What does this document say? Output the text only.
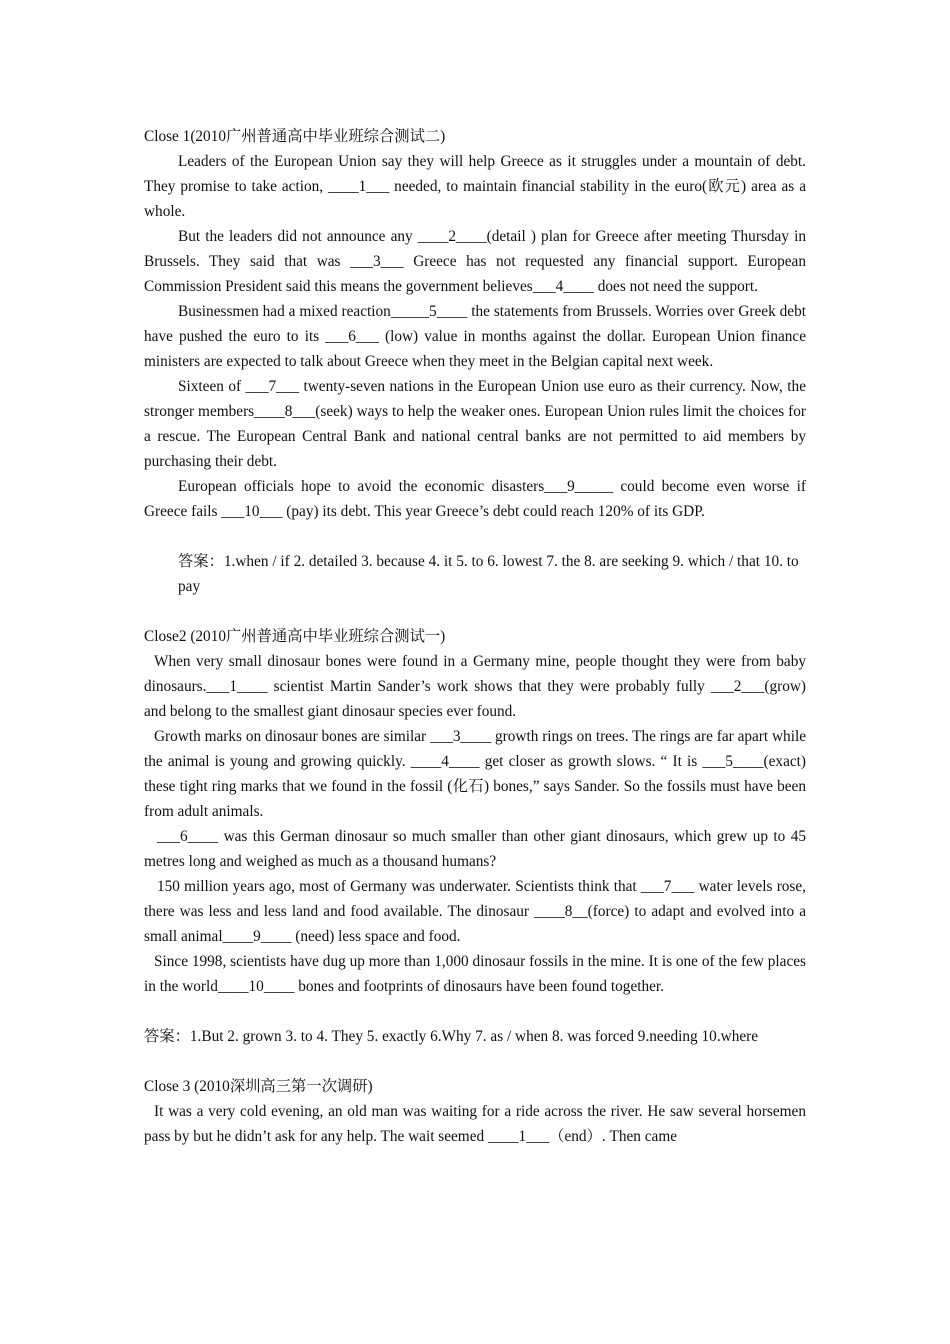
Close 1(2010广州普通高中毕业班综合测试二)

Leaders of the European Union say they will help Greece as it struggles under a mountain of debt. They promise to take action, ____1___ needed, to maintain financial stability in the euro(欧元) area as a whole.

But the leaders did not announce any ____2____(detail ) plan for Greece after meeting Thursday in Brussels. They said that was ___3___ Greece has not requested any financial support. European Commission President said this means the government believes___4____ does not need the support.

Businessmen had a mixed reaction_____5____ the statements from Brussels. Worries over Greek debt have pushed the euro to its ___6___ (low) value in months against the dollar. European Union finance ministers are expected to talk about Greece when they meet in the Belgian capital next week.

Sixteen of ___7___ twenty-seven nations in the European Union use euro as their currency. Now, the stronger members____8___(seek) ways to help the weaker ones. European Union rules limit the choices for a rescue. The European Central Bank and national central banks are not permitted to aid members by purchasing their debt.

European officials hope to avoid the economic disasters___9_____ could become even worse if Greece fails ___10___ (pay) its debt. This year Greece’s debt could reach 120% of its GDP.

答案：1.when / if 2. detailed 3. because 4. it 5. to 6. lowest 7. the 8. are seeking 9. which / that 10. to pay

Close2 (2010广州普通高中毕业班综合测试一)

When very small dinosaur bones were found in a Germany mine, people thought they were from baby dinosaurs.___1____ scientist Martin Sander’s work shows that they were probably fully ___2___(grow) and belong to the smallest giant dinosaur species ever found.

Growth marks on dinosaur bones are similar ___3____ growth rings on trees. The rings are far apart while the animal is young and growing quickly. ____4____ get closer as growth slows. “ It is ___5____(exact) these tight ring marks that we found in the fossil (化石) bones,” says Sander. So the fossils must have been from adult animals.

___6____ was this German dinosaur so much smaller than other giant dinosaurs, which grew up to 45 metres long and weighed as much as a thousand humans?

150 million years ago, most of Germany was underwater. Scientists think that ___7___ water levels rose, there was less and less land and food available. The dinosaur ____8__(force) to adapt and evolved into a small animal____9____ (need) less space and food.

Since 1998, scientists have dug up more than 1,000 dinosaur fossils in the mine. It is one of the few places in the world____10____ bones and footprints of dinosaurs have been found together.

答案：1.But 2. grown 3. to 4. They 5. exactly 6.Why 7. as / when 8. was forced 9.needing 10.where

Close 3 (2010深圳高三第一次调研)

It was a very cold evening, an old man was waiting for a ride across the river. He saw several horsemen pass by but he didn’t ask for any help. The wait seemed ____1___（end）. Then came
